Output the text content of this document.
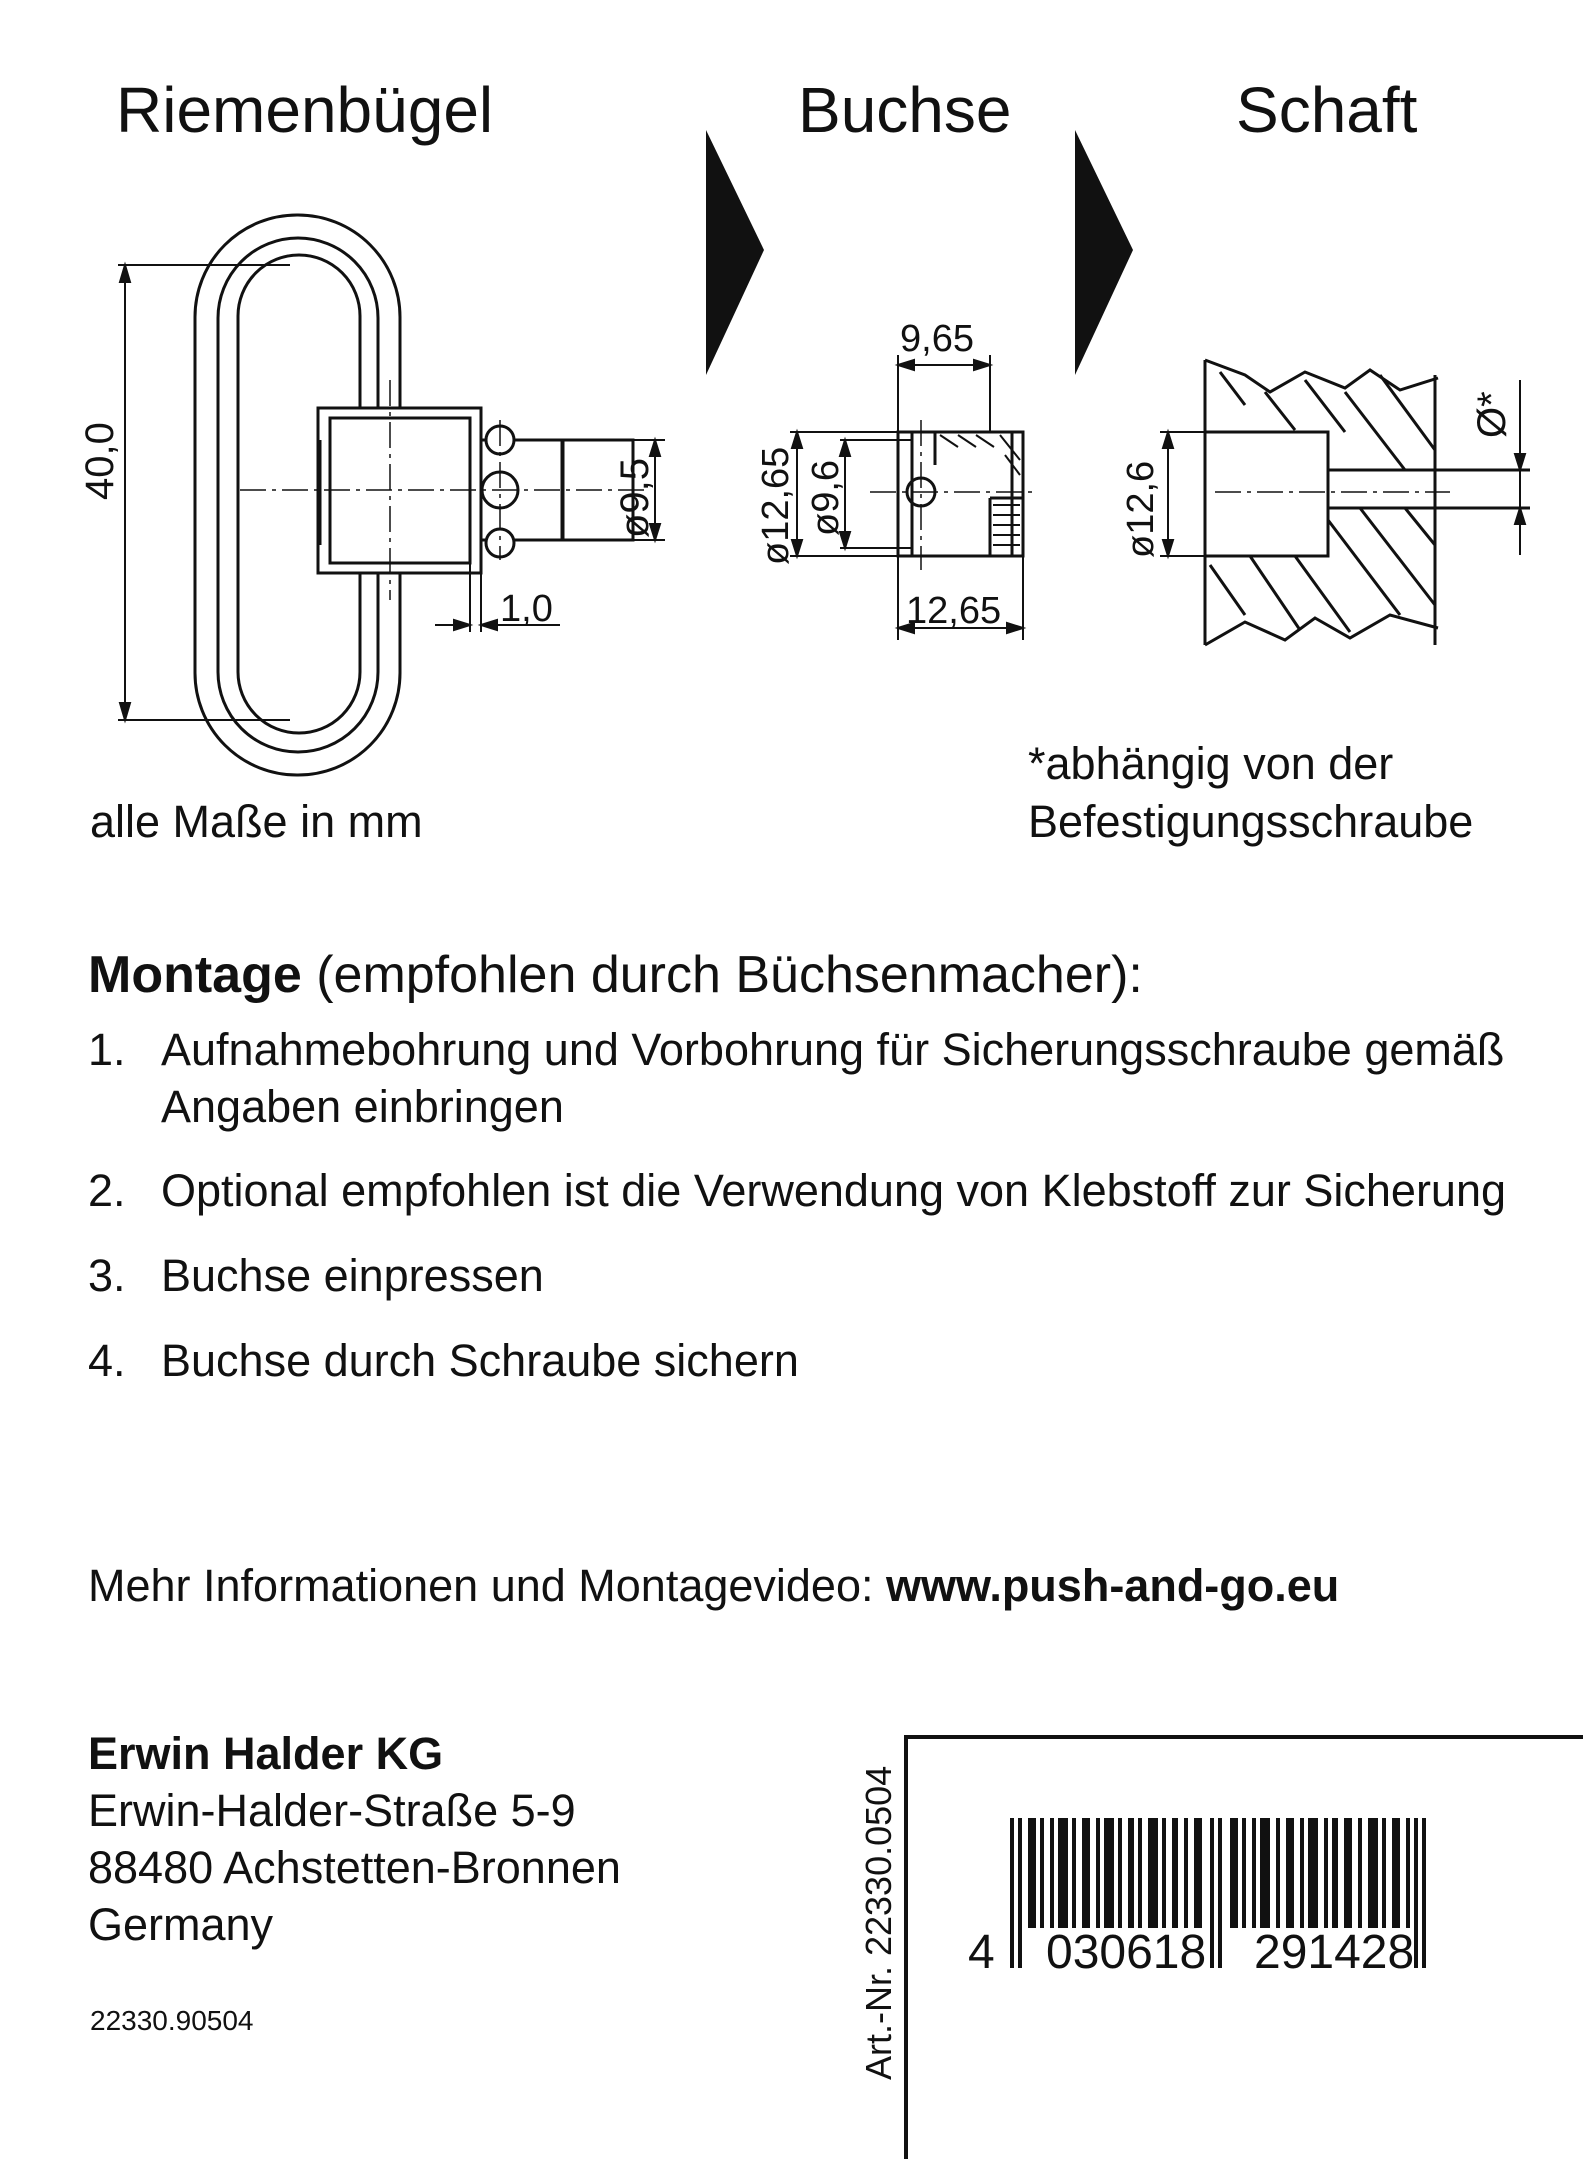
Riemenbügel	Buchse	Schaft
40,0	ø9,5
1,0
9,65
ø12,65 ø9,6
12,65
ø12,6
Ø*
alle Maße in mm
*abhängig von der
Befestigungsschraube
Montage (empfohlen durch Büchsenmacher):
1. Aufnahmebohrung und Vorbohrung für Sicherungsschraube gemäß Angaben einbringen
2. Optional empfohlen ist die Verwendung von Klebstoff zur Sicherung
3. Buchse einpressen
4. Buchse durch Schraube sichern
Mehr Informationen und Montagevideo: www.push-and-go.eu
Erwin Halder KG
Erwin-Halder-Straße 5-9
88480 Achstetten-Bronnen
Germany
22330.90504	Art.-Nr. 22330.0504 4 030618 291428
